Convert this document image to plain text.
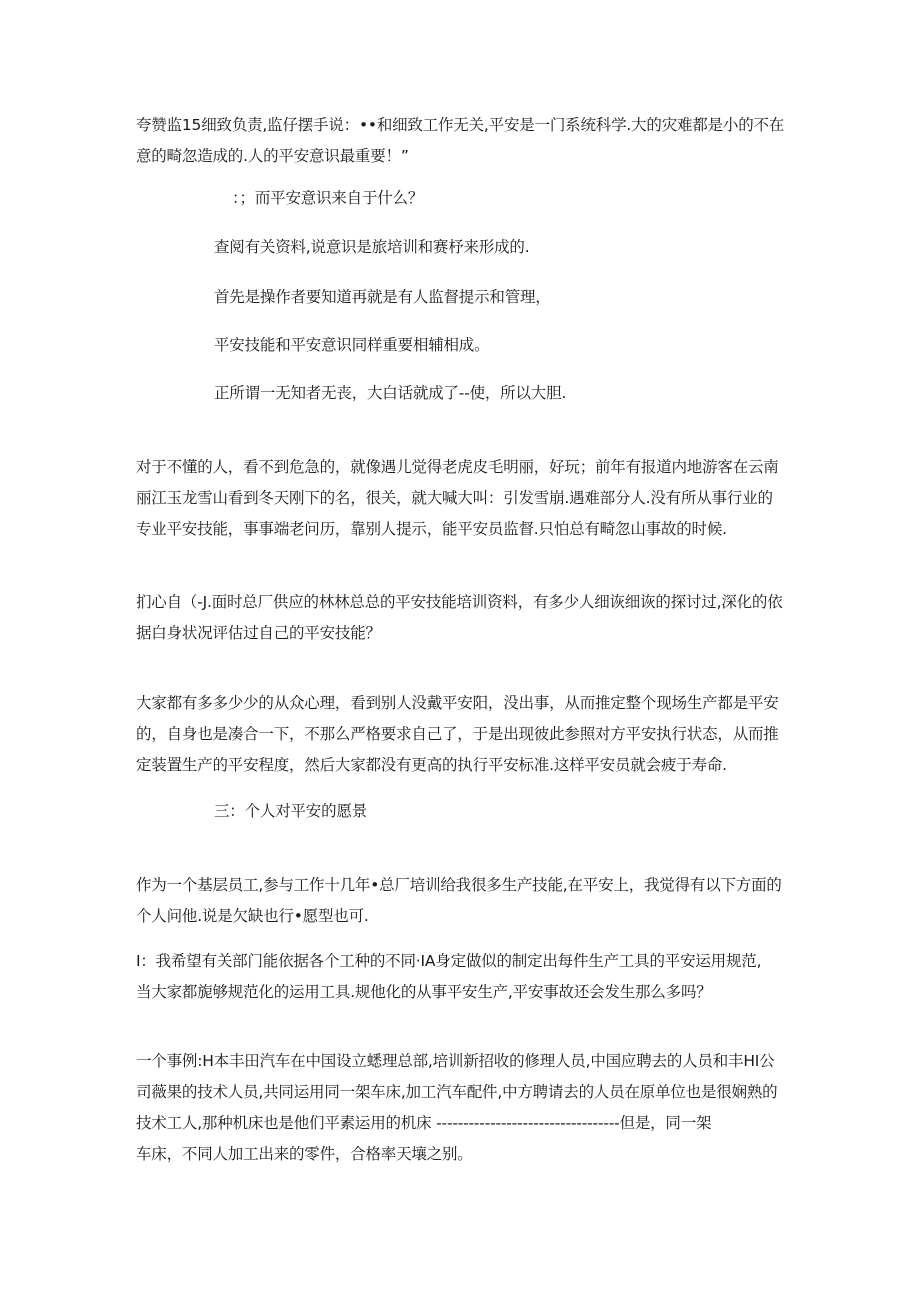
夸赞监15细致负责,监仔摆手说：••和细致工作无关,平安是一门系统科学.大的灾难都是小的不在
意的畸忽造成的.人的平安意识最重要！”

：；而平安意识来自于什么？

查阅有关资料,说意识是旅培训和赛杼来形成的.

首先是操作者要知道再就是有人监督提示和管理，

平安技能和平安意识同样重要相辅相成。

正所谓一无知者无丧，大白话就成了--使，所以大胆.

对于不懂的人，看不到危急的，就像遇儿觉得老虎皮毛明丽，好玩；前年有报道内地游客在云南
丽江玉龙雪山看到冬天刚下的名，很关，就大喊大叫：引发雪崩.遇难部分人.没有所从事行业的
专业平安技能，事事端老问历，靠别人提示，能平安员监督.只怕总有畸忽山事故的时候.

扪心自（-J.面时总厂供应的林林总总的平安技能培训资料，有多少人细诙细诙的探讨过,深化的依
据白身状况评估过自己的平安技能？

大家都有多多少少的从众心理，看到别人没戴平安阳，没出事，从而推定整个现场生产都是平安
的，自身也是凑合一下，不那么严格要求自己了，于是出现彼此参照对方平安执行状态，从而推
定装置生产的平安程度，然后大家都没有更高的执行平安标准.这样平安员就会疲于寿命.

三：个人对平安的愿景

作为一个基层员工,参与工作十几年•总厂培训给我很多生产技能,在平安上，我觉得有以下方面的
个人问他.说是欠缺也行•愿型也可.

I：我希望有关部门能依据各个工种的不同·IA身定做似的制定出每件生产工具的平安运用规范,
当大家都旎够规范化的运用工具.规他化的从事平安生产,平安事故还会发生那么多吗？

一个事例:H本丰田汽车在中国设立蟋理总部,培训新招收的修理人员,中国应聘去的人员和丰HI公
司薇果的技术人员,共同运用同一架车床,加工汽车配件,中方聘请去的人员在原单位也是很娴熟的
技术工人,那种机床也是他们平素运用的机床 ----------------------------------但是，同一架
车床，不同人加工出来的零件，合格率天壤之别。
